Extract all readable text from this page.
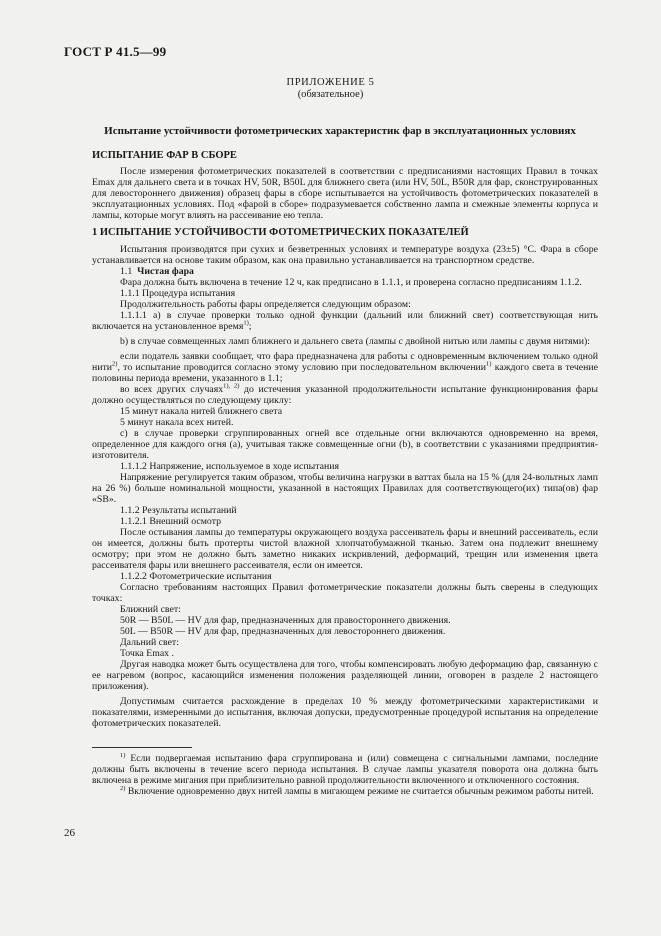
ГОСТ Р 41.5—99
ПРИЛОЖЕНИЕ 5
(обязательное)
Испытание устойчивости фотометрических характеристик фар в эксплуатационных условиях
ИСПЫТАНИЕ ФАР В СБОРЕ

После измерения фотометрических показателей в соответствии с предписаниями настоящих Правил в точках Emax для дальнего света и в точках HV, 50R, B50L для ближнего света (или HV, 50L, B50R для фар, сконструированных для левостороннего движения) образец фары в сборе испытывается на устойчивость фотометрических показателей в эксплуатационных условиях. Под «фарой в сборе» подразумевается собственно лампа и смежные элементы корпуса и лампы, которые могут влиять на рассеивание ею тепла.

1 ИСПЫТАНИЕ УСТОЙЧИВОСТИ ФОТОМЕТРИЧЕСКИХ ПОКАЗАТЕЛЕЙ

Испытания производятся при сухих и безветренных условиях и температуре воздуха (23±5) °С. Фара в сборе устанавливается на основе таким образом, как она правильно устанавливается на транспортном средстве.

1.1 Чистая фара

Фара должна быть включена в течение 12 ч, как предписано в 1.1.1, и проверена согласно предписаниям 1.1.2.

1.1.1 Процедура испытания

Продолжительность работы фары определяется следующим образом:

1.1.1.1 а) в случае проверки только одной функции (дальний или ближний свет) соответствующая нить включается на установленное время$^{1)}$;

b) в случае совмещенных ламп ближнего и дальнего света (лампы с двойной нитью или лампы с двумя нитями):

если податель заявки сообщает, что фара предназначена для работы с одновременным включением только одной нити$^{2)}$, то испытание проводится согласно этому условию при последовательном включении$^{1)}$ каждого света в течение половины периода времени, указанного в 1.1;

во всех других случаях$^{1), 2)}$ до истечения указанной продолжительности испытание функционирования фары должно осуществляться по следующему циклу:

15 минут накала нитей ближнего света

5 минут накала всех нитей.

с) в случае проверки сгруппированных огней все отдельные огни включаются одновременно на время, определенное для каждого огня (а), учитывая также совмещенные огни (b), в соответствии с указаниями предприятия-изготовителя.

1.1.1.2 Напряжение, используемое в ходе испытания

Напряжение регулируется таким образом, чтобы величина нагрузки в ваттах была на 15 % (для 24-вольтных ламп на 26 %) больше номинальной мощности, указанной в настоящих Правилах для соответствующего(их) типа(ов) фар «SB».

1.1.2 Результаты испытаний

1.1.2.1 Внешний осмотр

После остывания лампы до температуры окружающего воздуха рассеиватель фары и внешний рассеиватель, если он имеется, должны быть протерты чистой влажной хлопчатобумажной тканью. Затем она подлежит внешнему осмотру; при этом не должно быть заметно никаких искривлений, деформаций, трещин или изменения цвета рассеивателя фары или внешнего рассеивателя, если он имеется.

1.1.2.2 Фотометрические испытания

Согласно требованиям настоящих Правил фотометрические показатели должны быть сверены в следующих точках:

Ближний свет:

50R — B50L — HV для фар, предназначенных для правостороннего движения.

50L — B50R — HV для фар, предназначенных для левостороннего движения.

Дальний свет:

Точка Emax .

Другая наводка может быть осуществлена для того, чтобы компенсировать любую деформацию фар, связанную с ее нагревом (вопрос, касающийся изменения положения разделяющей линии, оговорен в разделе 2 настоящего приложения).

Допустимым считается расхождение в пределах 10 % между фотометрическими характеристиками и показателями, измеренными до испытания, включая допуски, предусмотренные процедурой испытания на определение фотометрических показателей.

$^{1)}$ Если подвергаемая испытанию фара сгруппирована и (или) совмещена с сигнальными лампами, последние должны быть включены в течение всего периода испытания. В случае лампы указателя поворота она должна быть включена в режиме мигания при приблизительно равной продолжительности включенного и отключенного состояния.

$^{2)}$ Включение одновременно двух нитей лампы в мигающем режиме не считается обычным режимом работы нитей.

26
